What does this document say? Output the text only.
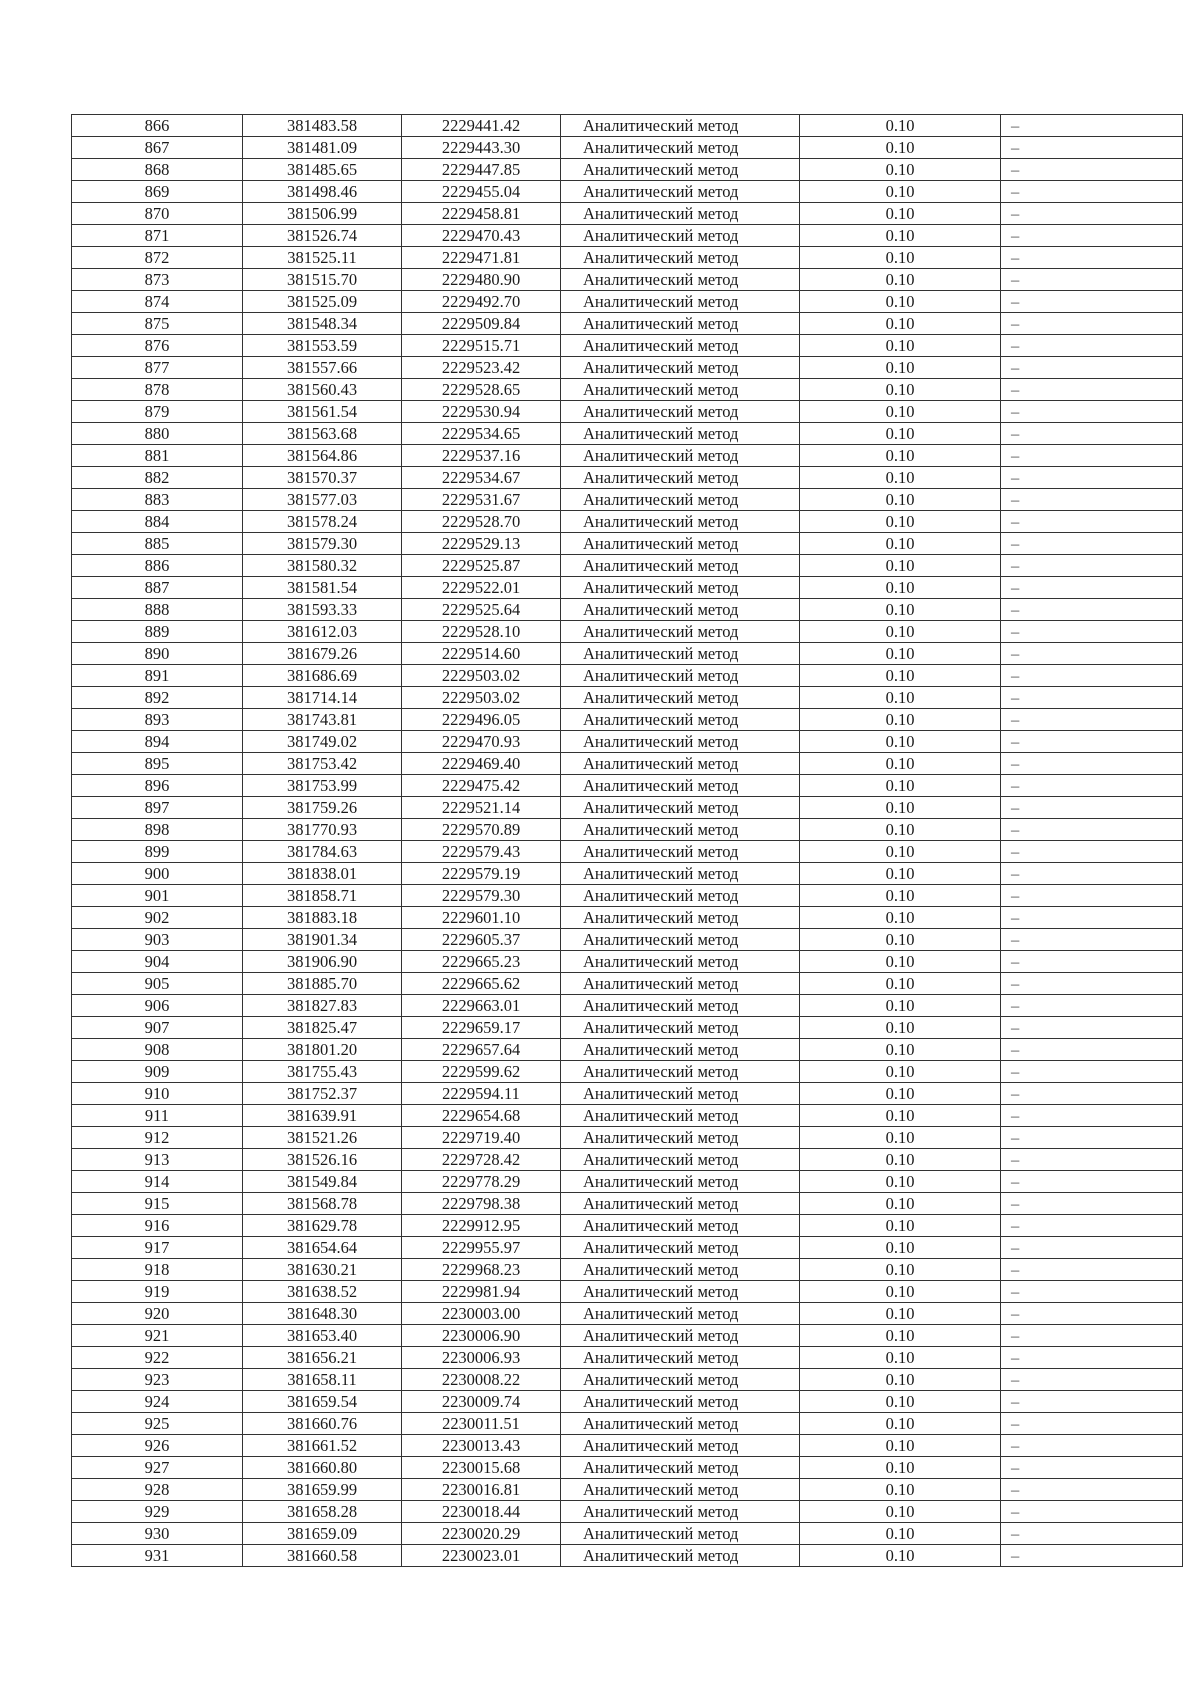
866	381483.58	2229441.42	Аналитический метод	0.10	–
867	381481.09	2229443.30	Аналитический метод	0.10	–
868	381485.65	2229447.85	Аналитический метод	0.10	–
869	381498.46	2229455.04	Аналитический метод	0.10	–
870	381506.99	2229458.81	Аналитический метод	0.10	–
871	381526.74	2229470.43	Аналитический метод	0.10	–
872	381525.11	2229471.81	Аналитический метод	0.10	–
873	381515.70	2229480.90	Аналитический метод	0.10	–
874	381525.09	2229492.70	Аналитический метод	0.10	–
875	381548.34	2229509.84	Аналитический метод	0.10	–
876	381553.59	2229515.71	Аналитический метод	0.10	–
877	381557.66	2229523.42	Аналитический метод	0.10	–
878	381560.43	2229528.65	Аналитический метод	0.10	–
879	381561.54	2229530.94	Аналитический метод	0.10	–
880	381563.68	2229534.65	Аналитический метод	0.10	–
881	381564.86	2229537.16	Аналитический метод	0.10	–
882	381570.37	2229534.67	Аналитический метод	0.10	–
883	381577.03	2229531.67	Аналитический метод	0.10	–
884	381578.24	2229528.70	Аналитический метод	0.10	–
885	381579.30	2229529.13	Аналитический метод	0.10	–
886	381580.32	2229525.87	Аналитический метод	0.10	–
887	381581.54	2229522.01	Аналитический метод	0.10	–
888	381593.33	2229525.64	Аналитический метод	0.10	–
889	381612.03	2229528.10	Аналитический метод	0.10	–
890	381679.26	2229514.60	Аналитический метод	0.10	–
891	381686.69	2229503.02	Аналитический метод	0.10	–
892	381714.14	2229503.02	Аналитический метод	0.10	–
893	381743.81	2229496.05	Аналитический метод	0.10	–
894	381749.02	2229470.93	Аналитический метод	0.10	–
895	381753.42	2229469.40	Аналитический метод	0.10	–
896	381753.99	2229475.42	Аналитический метод	0.10	–
897	381759.26	2229521.14	Аналитический метод	0.10	–
898	381770.93	2229570.89	Аналитический метод	0.10	–
899	381784.63	2229579.43	Аналитический метод	0.10	–
900	381838.01	2229579.19	Аналитический метод	0.10	–
901	381858.71	2229579.30	Аналитический метод	0.10	–
902	381883.18	2229601.10	Аналитический метод	0.10	–
903	381901.34	2229605.37	Аналитический метод	0.10	–
904	381906.90	2229665.23	Аналитический метод	0.10	–
905	381885.70	2229665.62	Аналитический метод	0.10	–
906	381827.83	2229663.01	Аналитический метод	0.10	–
907	381825.47	2229659.17	Аналитический метод	0.10	–
908	381801.20	2229657.64	Аналитический метод	0.10	–
909	381755.43	2229599.62	Аналитический метод	0.10	–
910	381752.37	2229594.11	Аналитический метод	0.10	–
911	381639.91	2229654.68	Аналитический метод	0.10	–
912	381521.26	2229719.40	Аналитический метод	0.10	–
913	381526.16	2229728.42	Аналитический метод	0.10	–
914	381549.84	2229778.29	Аналитический метод	0.10	–
915	381568.78	2229798.38	Аналитический метод	0.10	–
916	381629.78	2229912.95	Аналитический метод	0.10	–
917	381654.64	2229955.97	Аналитический метод	0.10	–
918	381630.21	2229968.23	Аналитический метод	0.10	–
919	381638.52	2229981.94	Аналитический метод	0.10	–
920	381648.30	2230003.00	Аналитический метод	0.10	–
921	381653.40	2230006.90	Аналитический метод	0.10	–
922	381656.21	2230006.93	Аналитический метод	0.10	–
923	381658.11	2230008.22	Аналитический метод	0.10	–
924	381659.54	2230009.74	Аналитический метод	0.10	–
925	381660.76	2230011.51	Аналитический метод	0.10	–
926	381661.52	2230013.43	Аналитический метод	0.10	–
927	381660.80	2230015.68	Аналитический метод	0.10	–
928	381659.99	2230016.81	Аналитический метод	0.10	–
929	381658.28	2230018.44	Аналитический метод	0.10	–
930	381659.09	2230020.29	Аналитический метод	0.10	–
931	381660.58	2230023.01	Аналитический метод	0.10	–
